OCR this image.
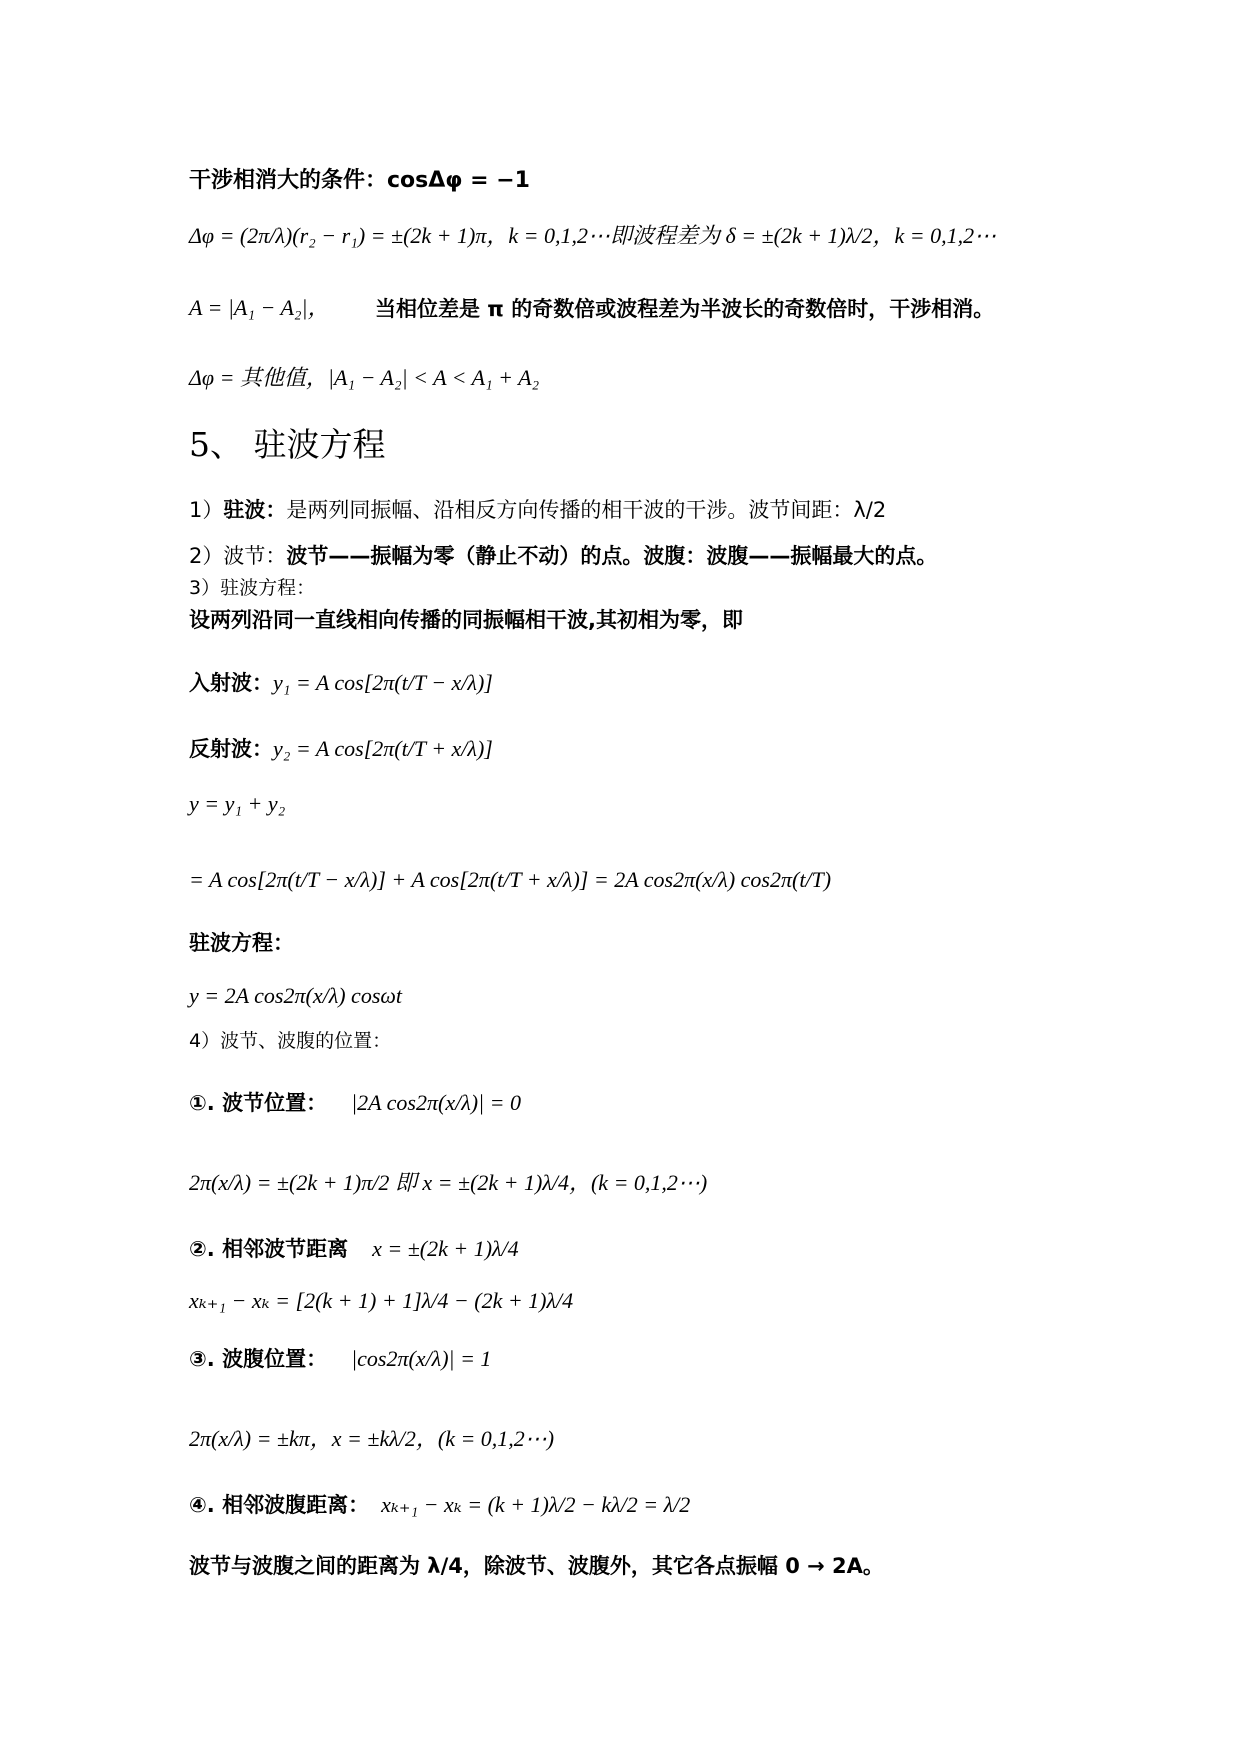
干涉相消大的条件：cosΔφ = −1
Δφ = (2π/λ)(r₂ − r₁) = ±(2k + 1)π，k = 0,1,2⋯即波程差为 δ = ±(2k + 1)λ/2，k = 0,1,2⋯
A = |A₁ − A₂|， 当相位差是 π 的奇数倍或波程差为半波长的奇数倍时，干涉相消。
Δφ = 其他值，|A₁ − A₂| < A < A₁ + A₂
5、 驻波方程
1）驻波：是两列同振幅、沿相反方向传播的相干波的干涉。波节间距：λ/2
2）波节：波节——振幅为零（静止不动）的点。波腹：波腹——振幅最大的点。
3）驻波方程：
设两列沿同一直线相向传播的同振幅相干波,其初相为零，即
入射波：y₁ = A cos[2π(t/T − x/λ)]
反射波：y₂ = A cos[2π(t/T + x/λ)]
y = y₁ + y₂
= A cos[2π(t/T − x/λ)] + A cos[2π(t/T + x/λ)] = 2A cos2π(x/λ) cos2π(t/T)
驻波方程：
y = 2A cos2π(x/λ) cosωt
4）波节、波腹的位置：
①. 波节位置： |2A cos2π(x/λ)| = 0
2π(x/λ) = ±(2k + 1)π/2 即 x = ±(2k + 1)λ/4，(k = 0,1,2⋯)
②. 相邻波节距离 x = ±(2k + 1)λ/4
xₖ₊₁ − xₖ = [2(k + 1) + 1]λ/4 − (2k + 1)λ/4
③. 波腹位置： |cos2π(x/λ)| = 1
2π(x/λ) = ±kπ，x = ±kλ/2，(k = 0,1,2⋯)
④. 相邻波腹距离： xₖ₊₁ − xₖ = (k + 1)λ/2 − kλ/2 = λ/2
波节与波腹之间的距离为 λ/4，除波节、波腹外，其它各点振幅 0 → 2A。
